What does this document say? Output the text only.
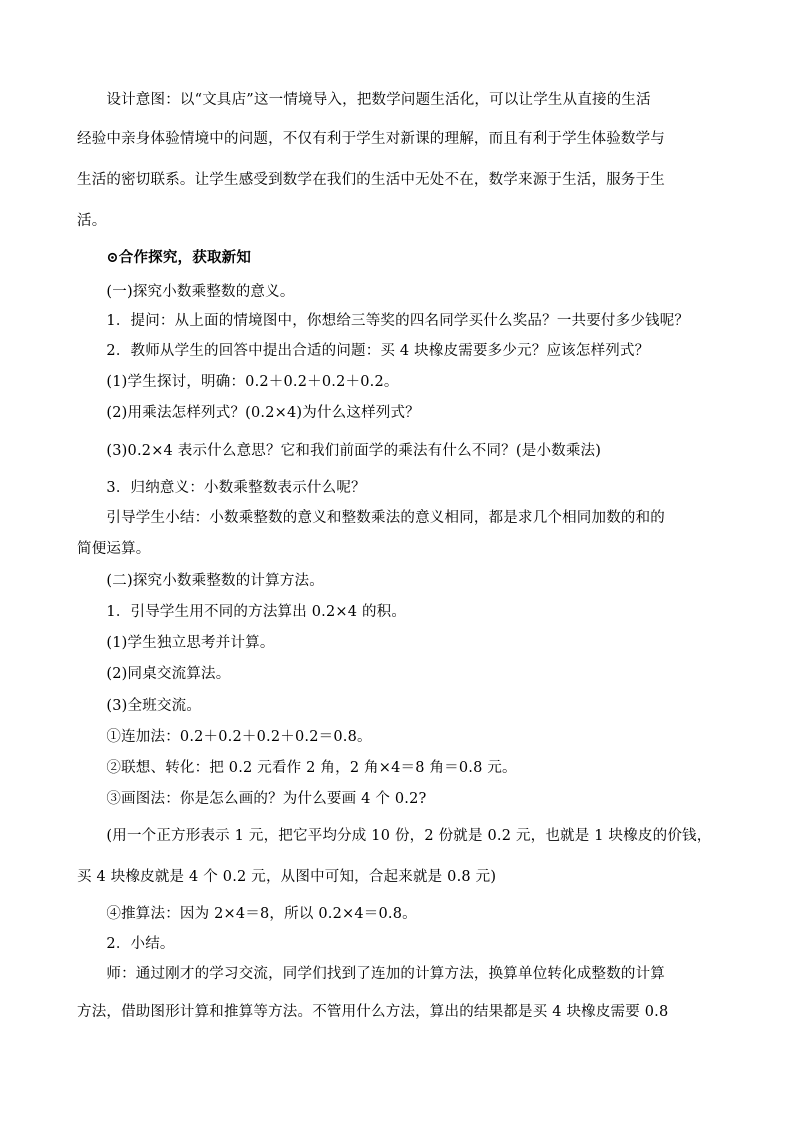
　　设计意图：以“文具店”这一情境导入，把数学问题生活化，可以让学生从直接的生活
经验中亲身体验情境中的问题，不仅有利于学生对新课的理解，而且有利于学生体验数学与
生活的密切联系。让学生感受到数学在我们的生活中无处不在，数学来源于生活，服务于生
活。
　　⊙合作探究，获取新知
　　(一)探究小数乘整数的意义。
　　1．提问：从上面的情境图中，你想给三等奖的四名同学买什么奖品？一共要付多少钱呢？
　　2．教师从学生的回答中提出合适的问题：买 4 块橡皮需要多少元？应该怎样列式？
　　(1)学生探讨，明确：0.2＋0.2＋0.2＋0.2。
　　(2)用乘法怎样列式？(0.2×4)为什么这样列式？
　　(3)0.2×4 表示什么意思？它和我们前面学的乘法有什么不同？(是小数乘法)
　　3．归纳意义：小数乘整数表示什么呢？
　　引导学生小结：小数乘整数的意义和整数乘法的意义相同，都是求几个相同加数的和的
简便运算。
　　(二)探究小数乘整数的计算方法。
　　1．引导学生用不同的方法算出 0.2×4 的积。
　　(1)学生独立思考并计算。
　　(2)同桌交流算法。
　　(3)全班交流。
　　①连加法：0.2＋0.2＋0.2＋0.2＝0.8。
　　②联想、转化：把 0.2 元看作 2 角，2 角×4＝8 角＝0.8 元。
　　③画图法：你是怎么画的？为什么要画 4 个 0.2?
　　(用一个正方形表示 1 元，把它平均分成 10 份，2 份就是 0.2 元，也就是 1 块橡皮的价钱，
买 4 块橡皮就是 4 个 0.2 元，从图中可知，合起来就是 0.8 元)
　　④推算法：因为 2×4＝8，所以 0.2×4＝0.8。
　　2．小结。
　　师：通过刚才的学习交流，同学们找到了连加的计算方法，换算单位转化成整数的计算
方法，借助图形计算和推算等方法。不管用什么方法，算出的结果都是买 4 块橡皮需要 0.8
